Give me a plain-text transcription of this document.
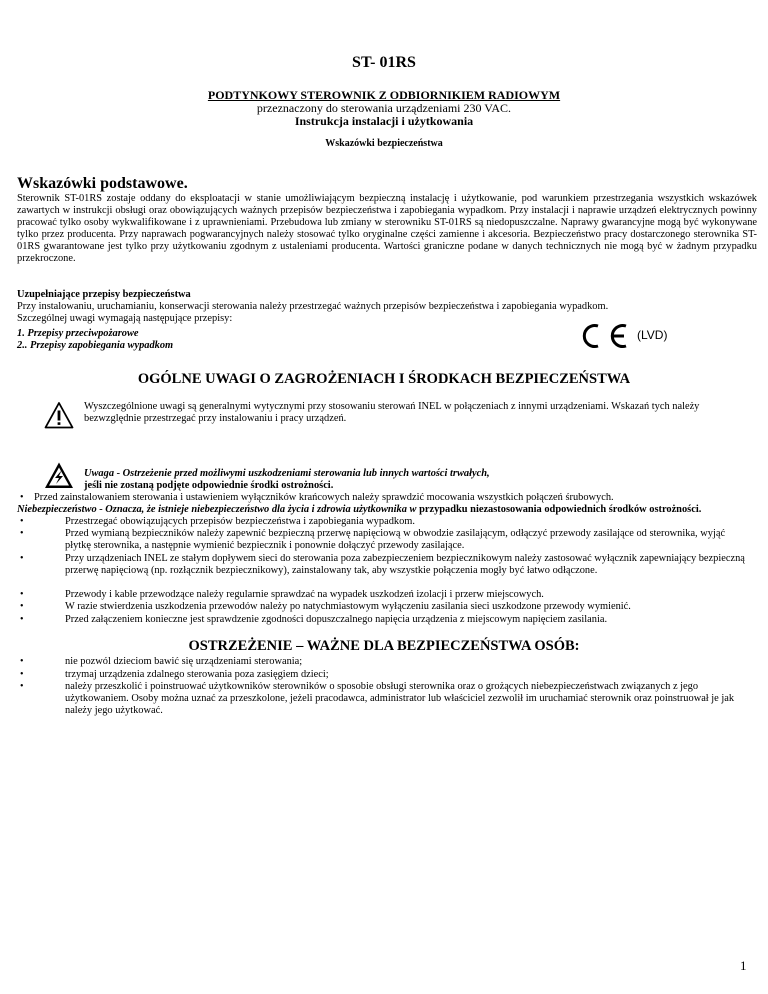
ST- 01RS
PODTYNKOWY STEROWNIK Z ODBIORNIKIEM RADIOWYM
przeznaczony do sterowania urządzeniami 230 VAC.
Instrukcja instalacji i użytkowania
Wskazówki bezpieczeństwa
Wskazówki podstawowe.

Sterownik ST-01RS zostaje oddany do eksploatacji w stanie umożliwiającym bezpieczną instalację i użytkowanie, pod warunkiem przestrzegania wszystkich wskazówek zawartych w instrukcji obsługi oraz obowiązujących ważnych przepisów bezpieczeństwa i zapobiegania wypadkom. Przy instalacji i naprawie urządzeń elektrycznych powinny pracować tylko osoby wykwalifikowane i z uprawnieniami. Przebudowa lub zmiany w sterowniku ST-01RS są niedopuszczalne. Naprawy gwarancyjne mogą być wykonywane tylko przez producenta. Przy naprawach pogwarancyjnych należy stosować tylko oryginalne części zamienne i akcesoria. Bezpieczeństwo pracy dostarczonego sterownika ST-01RS gwarantowane jest tylko przy użytkowaniu zgodnym z ustaleniami producenta. Wartości graniczne podane w danych technicznych nie mogą być w żadnym przypadku przekroczone.

Uzupełniające przepisy bezpieczeństwa

Przy instalowaniu, uruchamianiu, konserwacji sterowania należy przestrzegać ważnych przepisów bezpieczeństwa i zapobiegania wypadkom.

Szczególnej uwagi wymagają następujące przepisy:

1. Przepisy przeciwpożarowe
2.. Przepisy zapobiegania wypadkom
(LVD)
OGÓLNE UWAGI O ZAGROŻENIACH I ŚRODKACH BEZPIECZEŃSTWA
Wyszczególnione uwagi są generalnymi wytycznymi przy stosowaniu sterowań INEL w połączeniach z innymi urządzeniami. Wskazań tych należy bezwzględnie przestrzegać przy instalowaniu i pracy urządzeń.
Uwaga - Ostrzeżenie przed możliwymi uszkodzeniami sterowania lub innych wartości trwałych,
jeśli nie zostaną podjęte odpowiednie środki ostrożności.
• Przed zainstalowaniem sterowania i ustawieniem wyłączników krańcowych należy sprawdzić mocowania wszystkich połączeń śrubowych.
Niebezpieczeństwo - Oznacza, że istnieje niebezpieczeństwo dla życia i zdrowia użytkownika w przypadku niezastosowania odpowiednich środków ostrożności.
•	Przestrzegać obowiązujących przepisów bezpieczeństwa i zapobiegania wypadkom.
•	Przed wymianą bezpieczników należy zapewnić bezpieczną przerwę napięciową w obwodzie zasilającym, odłączyć przewody zasilające od sterownika, wyjąć płytkę sterownika, a następnie wymienić bezpiecznik i ponownie dołączyć przewody zasilające.
•	Przy urządzeniach INEL ze stałym dopływem sieci do sterowania poza zabezpieczeniem bezpiecznikowym należy zastosować wyłącznik zapewniający bezpieczną przerwę napięciową (np. rozłącznik bezpiecznikowy), zainstalowany tak, aby wszystkie połączenia mogły być łatwo odłączone.
•	Przewody i kable przewodzące należy regularnie sprawdzać na wypadek uszkodzeń izolacji i przerw miejscowych.
•	W razie stwierdzenia uszkodzenia przewodów należy po natychmiastowym wyłączeniu zasilania sieci uszkodzone przewody wymienić.
•	Przed załączeniem konieczne jest sprawdzenie zgodności dopuszczalnego napięcia urządzenia z miejscowym napięciem zasilania.
OSTRZEŻENIE – WAŻNE DLA BEZPIECZEŃSTWA OSÓB:
•	nie pozwól dzieciom bawić się urządzeniami sterowania;
•	trzymaj urządzenia zdalnego sterowania poza zasięgiem dzieci;
•	należy przeszkolić i poinstruować użytkowników sterowników o sposobie obsługi sterownika oraz o grożących niebezpieczeństwach związanych z jego użytkowaniem. Osoby można uznać za przeszkolone, jeżeli pracodawca, administrator lub właściciel zezwolił im uruchamiać sterownik oraz poinstruował je jak należy jego użytkować.
1
